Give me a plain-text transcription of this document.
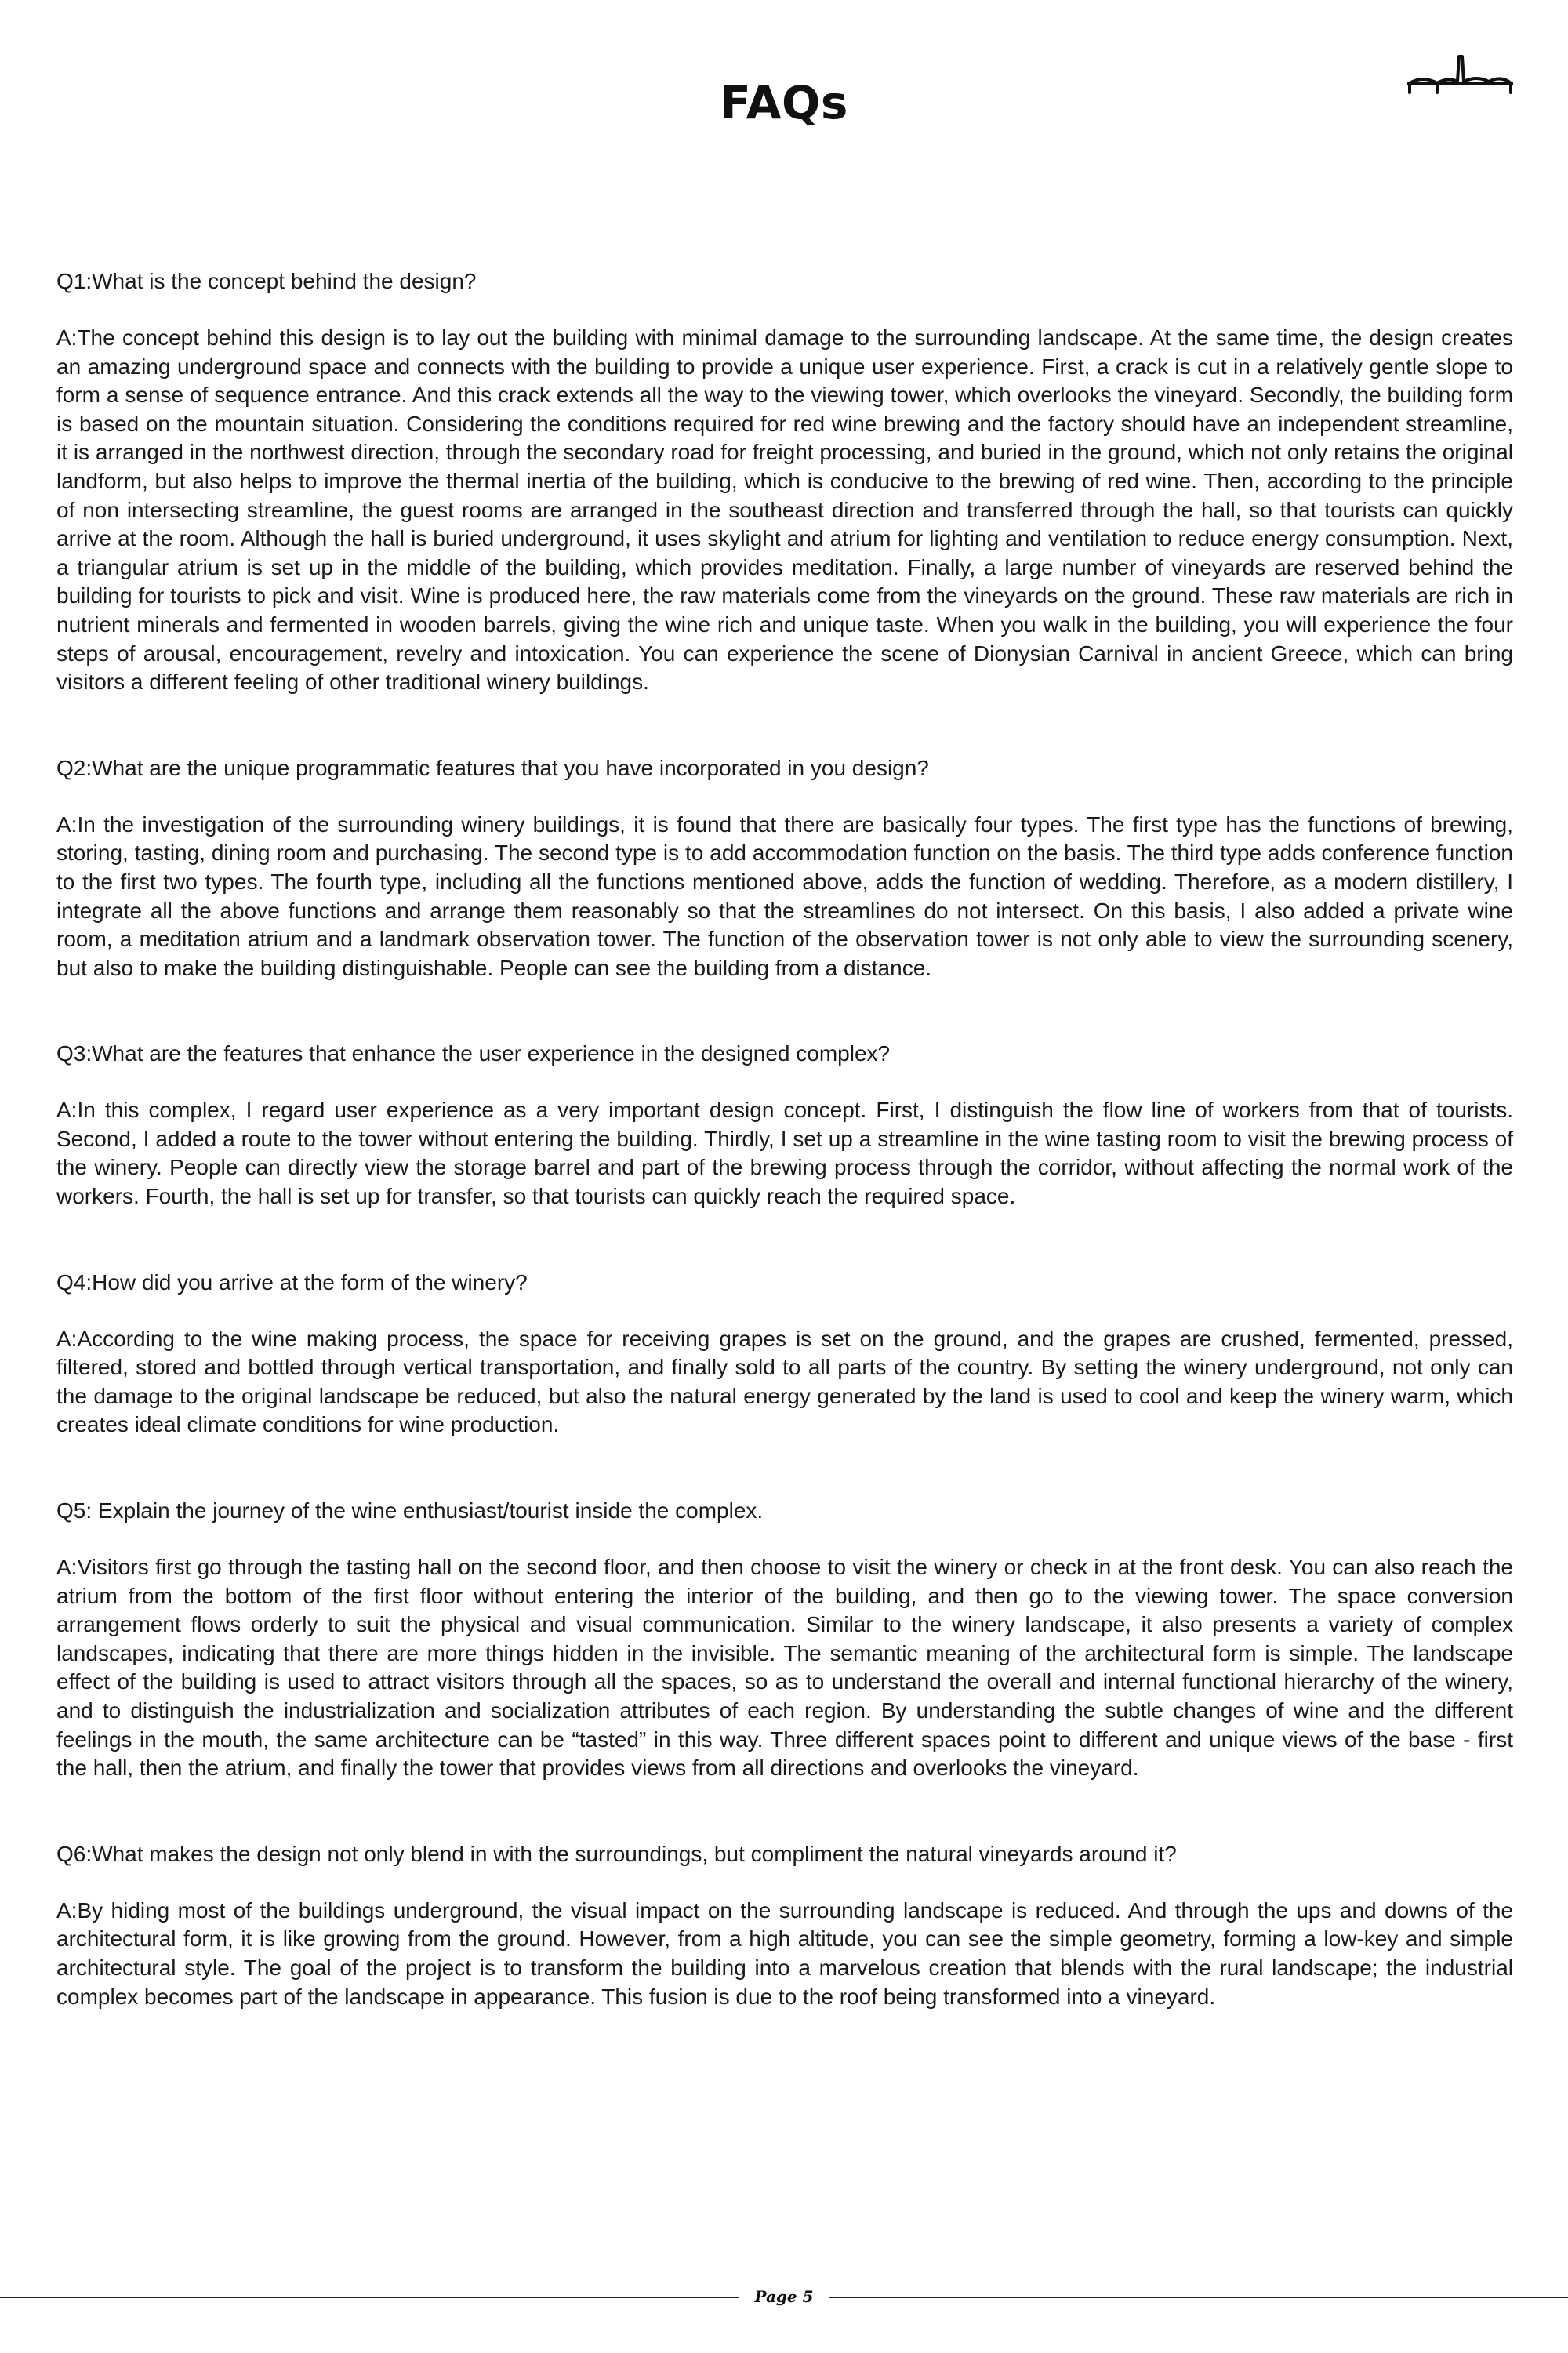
FAQs

Q1:What is the concept behind the design?

A:The concept behind this design is to lay out the building with minimal damage to the surrounding landscape. At the same time, the design creates an amazing underground space and connects with the building to provide a unique user experience. First, a crack is cut in a relatively gentle slope to form a sense of sequence entrance. And this crack extends all the way to the viewing tower, which overlooks the vineyard. Secondly, the building form is based on the mountain situation. Considering the conditions required for red wine brewing and the factory should have an independent streamline, it is arranged in the northwest direction, through the secondary road for freight processing, and buried in the ground, which not only retains the original landform, but also helps to improve the thermal inertia of the building, which is conducive to the brewing of red wine. Then, according to the principle of non intersecting streamline, the guest rooms are arranged in the southeast direction and transferred through the hall, so that tourists can quickly arrive at the room. Although the hall is buried underground, it uses skylight and atrium for lighting and ventilation to reduce energy consumption. Next, a triangular atrium is set up in the middle of the building, which provides meditation. Finally, a large number of vineyards are reserved behind the building for tourists to pick and visit. Wine is produced here, the raw materials come from the vineyards on the ground. These raw materials are rich in nutrient minerals and fermented in wooden barrels, giving the wine rich and unique taste. When you walk in the building, you will experience the four steps of arousal, encouragement, revelry and intoxication. You can experience the scene of Dionysian Carnival in ancient Greece, which can bring visitors a different feeling of other traditional winery buildings.

Q2:What are the unique programmatic features that you have incorporated in you design?

A:In the investigation of the surrounding winery buildings, it is found that there are basically four types. The first type has the functions of brewing, storing, tasting, dining room and purchasing. The second type is to add accommodation function on the basis. The third type adds conference function to the first two types. The fourth type, including all the functions mentioned above, adds the function of wedding. Therefore, as a modern distillery, I integrate all the above functions and arrange them reasonably so that the streamlines do not intersect. On this basis, I also added a private wine room, a meditation atrium and a landmark observation tower. The function of the observation tower is not only able to view the surrounding scenery, but also to make the building distinguishable. People can see the building from a distance.

Q3:What are the features that enhance the user experience in the designed complex?

A:In this complex, I regard user experience as a very important design concept. First, I distinguish the flow line of workers from that of tourists. Second, I added a route to the tower without entering the building. Thirdly, I set up a streamline in the wine tasting room to visit the brewing process of the winery. People can directly view the storage barrel and part of the brewing process through the corridor, without affecting the normal work of the workers. Fourth, the hall is set up for transfer, so that tourists can quickly reach the required space.

Q4:How did you arrive at the form of the winery?

A:According to the wine making process, the space for receiving grapes is set on the ground, and the grapes are crushed, fermented, pressed, filtered, stored and bottled through vertical transportation, and finally sold to all parts of the country. By setting the winery underground, not only can the damage to the original landscape be reduced, but also the natural energy generated by the land is used to cool and keep the winery warm, which creates ideal climate conditions for wine production.

Q5: Explain the journey of the wine enthusiast/tourist inside the complex.

A:Visitors first go through the tasting hall on the second floor, and then choose to visit the winery or check in at the front desk. You can also reach the atrium from the bottom of the first floor without entering the interior of the building, and then go to the viewing tower. The space conversion arrangement flows orderly to suit the physical and visual communication. Similar to the winery landscape, it also presents a variety of complex landscapes, indicating that there are more things hidden in the invisible. The semantic meaning of the architectural form is simple. The landscape effect of the building is used to attract visitors through all the spaces, so as to understand the overall and internal functional hierarchy of the winery, and to distinguish the industrialization and socialization attributes of each region. By understanding the subtle changes of wine and the different feelings in the mouth, the same architecture can be “tasted” in this way. Three different spaces point to different and unique views of the base - first the hall, then the atrium, and finally the tower that provides views from all directions and overlooks the vineyard.

Q6:What makes the design not only blend in with the surroundings, but compliment the natural vineyards around it?

A:By hiding most of the buildings underground, the visual impact on the surrounding landscape is reduced. And through the ups and downs of the architectural form, it is like growing from the ground. However, from a high altitude, you can see the simple geometry, forming a low-key and simple architectural style. The goal of the project is to transform the building into a marvelous creation that blends with the rural landscape; the industrial complex becomes part of the landscape in appearance. This fusion is due to the roof being transformed into a vineyard.

Page 5
